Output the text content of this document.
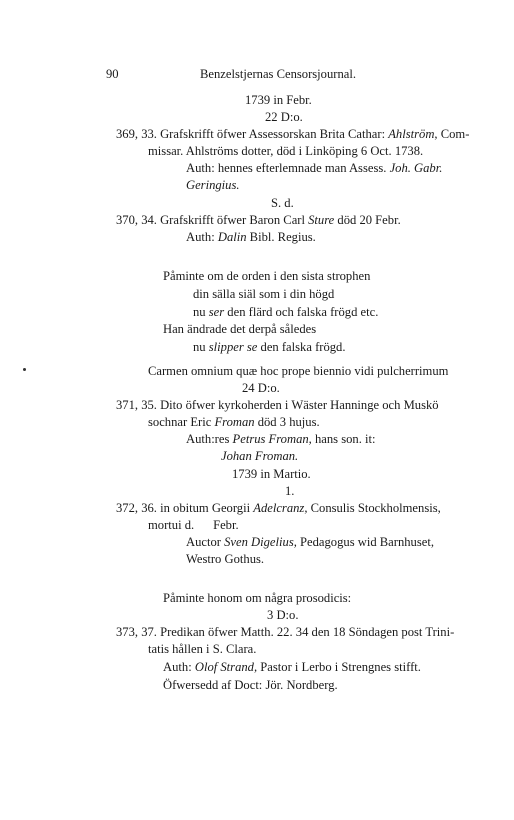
90	Benzelstjernas Censorsjournal.
1739 in Febr.
22 D:o.
369, 33. Grafskrifft öfwer Assessorskan Brita Cathar: Ahlström, Com-
missar. Ahlströms dotter, död i Linköping 6 Oct. 1738.
Auth: hennes efterlemnade man Assess. Joh. Gabr.
Geringius.
S. d.
370, 34. Grafskrifft öfwer Baron Carl Sture död 20 Febr.
Auth: Dalin Bibl. Regius.
Påminte om de orden i den sista strophen
din sälla siäl som i din högd
nu ser den flärd och falska frögd etc.
Han ändrade det derpå således
nu slipper se den falska frögd.
Carmen omnium quæ hoc prope biennio vidi pulcherrimum
24 D:o.
371, 35. Dito öfwer kyrkoherden i Wäster Hanninge och Muskö
sochnar Eric Froman död 3 hujus.
Auth:res Petrus Froman, hans son. it:
Johan Froman.
1739 in Martio.
1.
372, 36. in obitum Georgii Adelcranz, Consulis Stockholmensis,
mortui d.      Febr.
Auctor Sven Digelius, Pedagogus wid Barnhuset,
Westro Gothus.
Påminte honom om några prosodicis:
3 D:o.
373, 37. Predikan öfwer Matth. 22. 34 den 18 Söndagen post Trini-
tatis hållen i S. Clara.
Auth: Olof Strand, Pastor i Lerbo i Strengnes stifft.
Öfwersedd af Doct: Jör. Nordberg.
